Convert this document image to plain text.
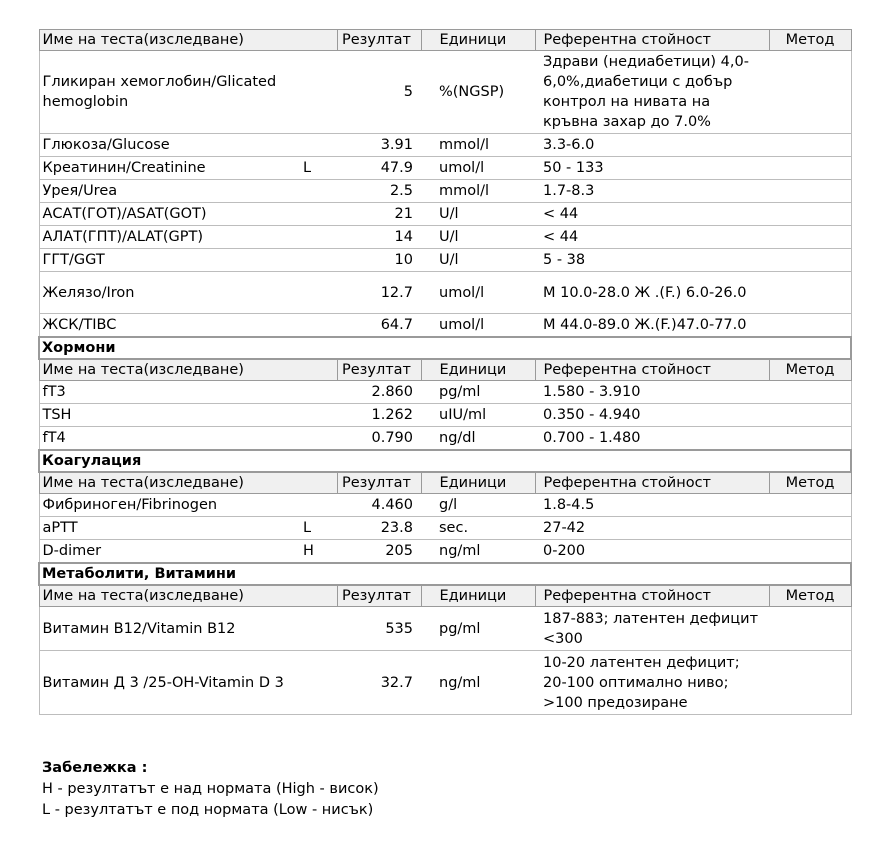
Име на теста(изследване)		Резултат	Единици	Референтна стойност	Метод
Гликиран хемоглобин/Glicated hemoglobin		5	%(NGSP)	Здрави (недиабетици) 4,0-6,0%,диабетици с добър контрол на нивата на кръвна захар до 7.0%	
Глюкоза/Glucose		3.91	mmol/l	3.3-6.0	
Креатинин/Creatinine	L	47.9	umol/l	50 - 133	
Урея/Urea		2.5	mmol/l	1.7-8.3	
АСАТ(ГОТ)/ASAT(GOT)		21	U/l	< 44	
АЛАТ(ГПТ)/ALAT(GPT)		14	U/l	< 44	
ГГТ/GGT		10	U/l	5 - 38	
Желязо/Iron		12.7	umol/l	М 10.0-28.0 Ж .(F.) 6.0-26.0	
ЖСК/TIBC		64.7	umol/l	М 44.0-89.0 Ж.(F.)47.0-77.0	
Хормони					
Име на теста(изследване)		Резултат	Единици	Референтна стойност	Метод
fT3		2.860	pg/ml	1.580 - 3.910	
TSH		1.262	uIU/ml	0.350 - 4.940	
fT4		0.790	ng/dl	0.700 - 1.480	
Коагулация					
Име на теста(изследване)		Резултат	Единици	Референтна стойност	Метод
Фибриноген/Fibrinogen		4.460	g/l	1.8-4.5	
aPTT	L	23.8	sec.	27-42	
D-dimer	H	205	ng/ml	0-200	
Метаболити, Витамини					
Име на теста(изследване)		Резултат	Единици	Референтна стойност	Метод
Витамин B12/Vitamin B12		535	pg/ml	187-883; латентен дефицит <300	
Витамин Д 3 /25-OH-Vitamin D 3		32.7	ng/ml	10-20 латентен дефицит;
20-100 оптимално ниво;
>100 предозиране	
Забележка :
H - резултатът е над нормата (High - висок)
L - резултатът е под нормата (Low - нисък)
